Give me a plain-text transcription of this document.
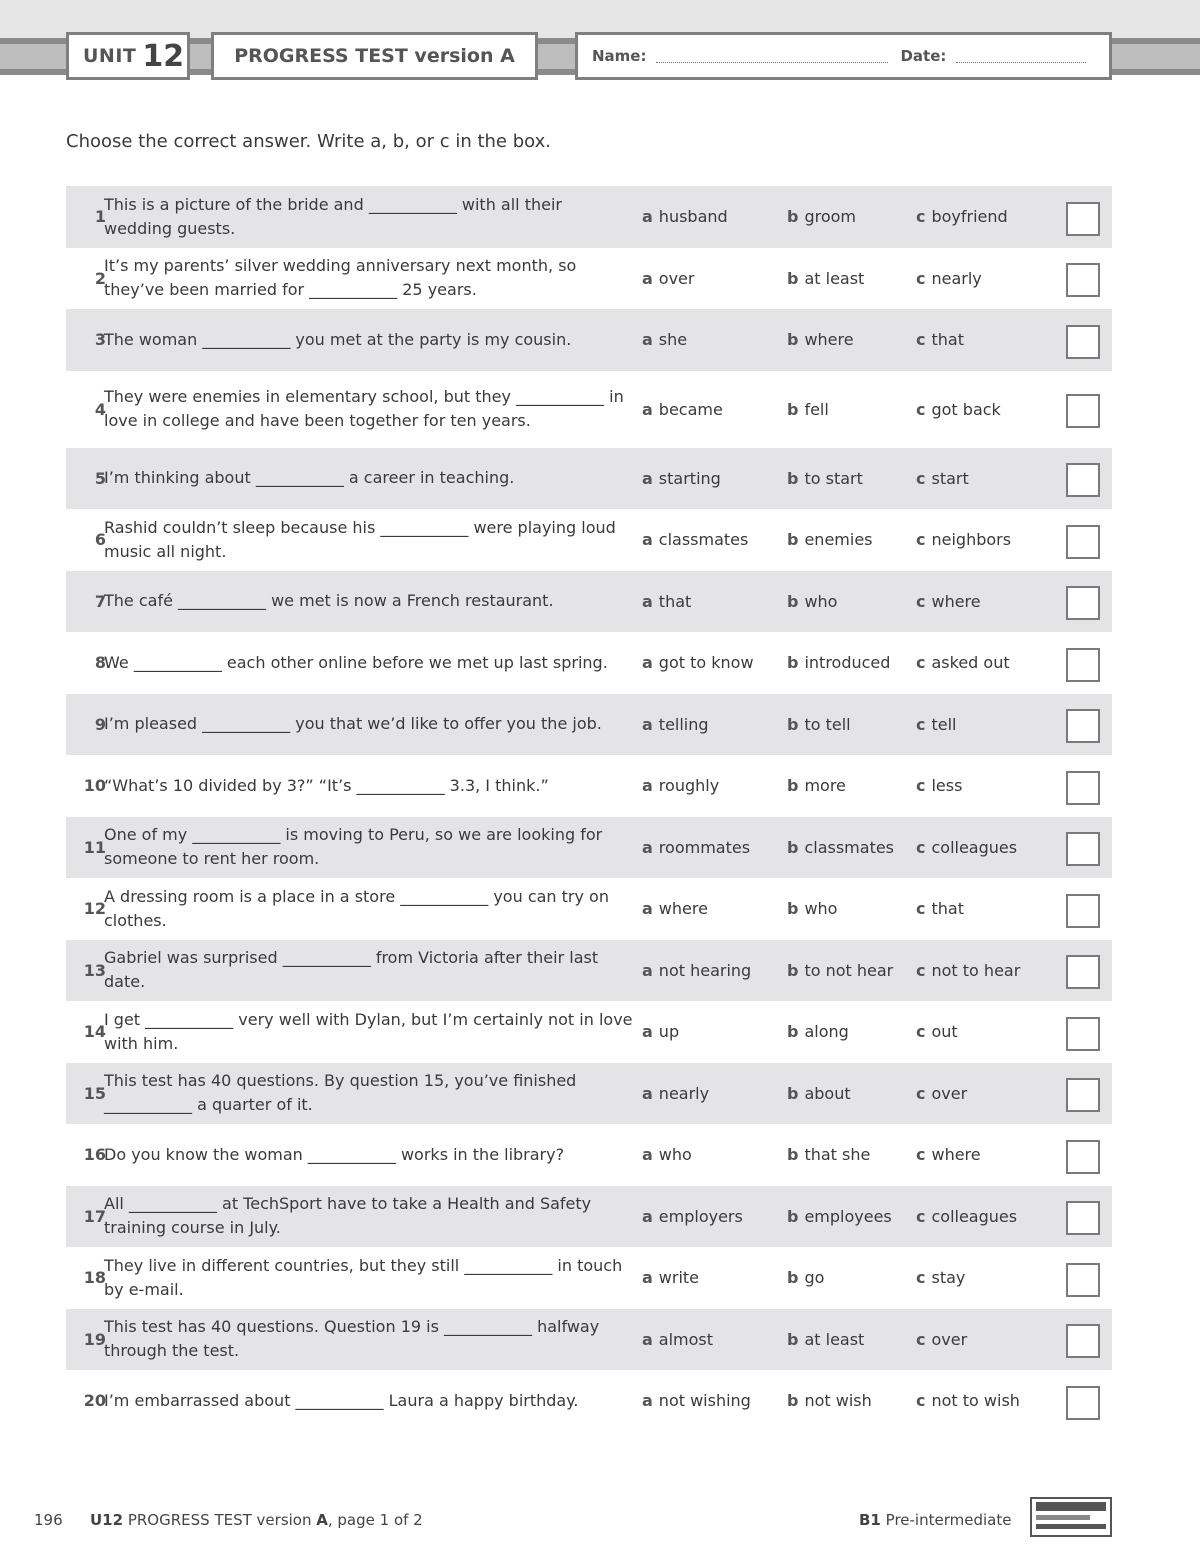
UNIT 12	PROGRESS TEST version A	Name:	Date:
Choose the correct answer. Write a, b, or c in the box.
1
This is a picture of the bride and ___________ with all their wedding guests.
a husband	b groom	c boyfriend
2
It’s my parents’ silver wedding anniversary next month, so they’ve been married for ___________ 25 years.
a over	b at least	c nearly
3
The woman ___________ you met at the party is my cousin.	a she	b where	c that
4
They were enemies in elementary school, but they ___________ in love in college and have been together for ten years.
a became	b fell	c got back
5
I’m thinking about ___________ a career in teaching.	a starting	b to start	c start
6
Rashid couldn’t sleep because his ___________ were playing loud music all night.
a classmates b enemies	c neighbors
7
The café ___________ we met is now a French restaurant.	a that	b who	c where
8
We ___________ each other online before we met up last spring.	a got to know b introduced c asked out
9
I’m pleased ___________ you that we’d like to offer you the job.	a telling	b to tell	c tell
10
“What’s 10 divided by 3?” “It’s ___________ 3.3, I think.”	a roughly	b more	c less
11
One of my ___________ is moving to Peru, so we are looking for someone to rent her room.
a roommates b classmates c colleagues
12
A dressing room is a place in a store ___________ you can try on clothes.
a where	b who	c that
13
Gabriel was surprised ___________ from Victoria after their last date.
a not hearing b to not hear c not to hear
14
I get ___________ very well with Dylan, but I’m certainly not in love with him.
a up	b along	c out
15
This test has 40 questions. By question 15, you’ve finished ___________ a quarter of it.
a nearly	b about	c over
16
Do you know the woman ___________ works in the library?	a who	b that she	c where
17
All ___________ at TechSport have to take a Health and Safety training course in July.
a employers	b employees c colleagues
18
They live in different countries, but they still ___________ in touch by e-mail.
a write	b go	c stay
19
This test has 40 questions. Question 19 is ___________ halfway through the test.
a almost	b at least	c over
20
I’m embarrassed about ___________ Laura a happy birthday.	a not wishing b not wish	c not to wish
196 U12 PROGRESS TEST version A, page 1 of 2	B1 Pre-intermediate
